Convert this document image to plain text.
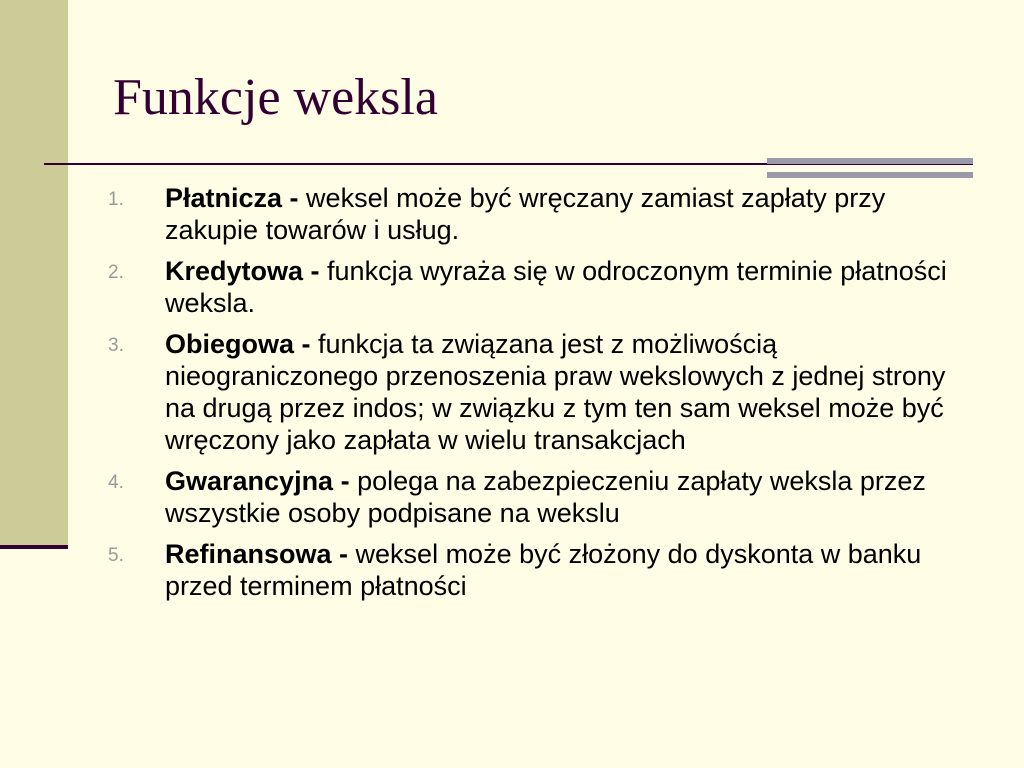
Funkcje weksla
1. Płatnicza - weksel może być wręczany zamiast zapłaty przy zakupie towarów i usług.
2. Kredytowa - funkcja wyraża się w odroczonym terminie płatności weksla.
3. Obiegowa - funkcja ta związana jest z możliwością nieograniczonego przenoszenia praw wekslowych z jednej strony na drugą przez indos; w związku z tym ten sam weksel może być wręczony jako zapłata w wielu transakcjach
4. Gwarancyjna - polega na zabezpieczeniu zapłaty weksla przez wszystkie osoby podpisane na wekslu
5. Refinansowa - weksel może być złożony do dyskonta w banku przed terminem płatności
